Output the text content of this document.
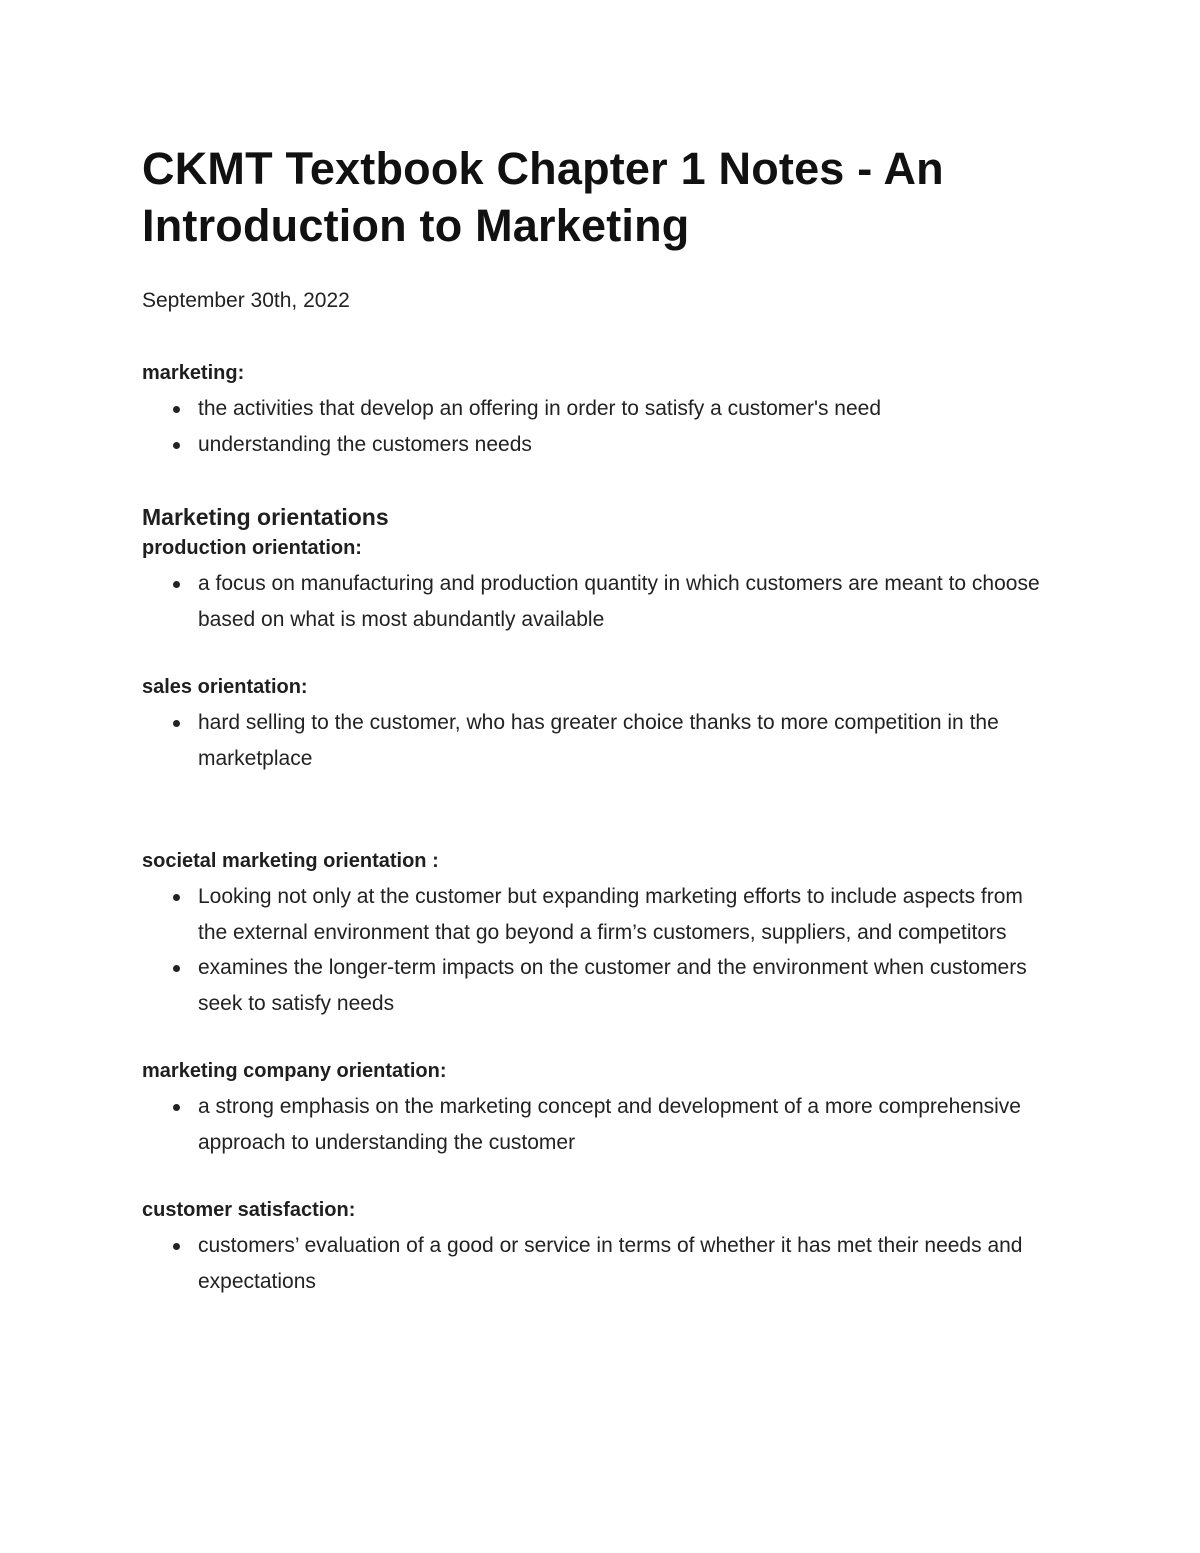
CKMT Textbook Chapter 1 Notes - An Introduction to Marketing

September 30th, 2022

marketing:

the activities that develop an offering in order to satisfy a customer's need
understanding the customers needs
Marketing orientations

production orientation:

a focus on manufacturing and production quantity in which customers are meant to choose based on what is most abundantly available

sales orientation:

hard selling to the customer, who has greater choice thanks to more competition in the marketplace

societal marketing orientation :

Looking not only at the customer but expanding marketing efforts to include aspects from the external environment that go beyond a firm’s customers, suppliers, and competitors
examines the longer-term impacts on the customer and the environment when customers seek to satisfy needs

marketing company orientation:

a strong emphasis on the marketing concept and development of a more comprehensive approach to understanding the customer

customer satisfaction:

customers’ evaluation of a good or service in terms of whether it has met their needs and expectations
